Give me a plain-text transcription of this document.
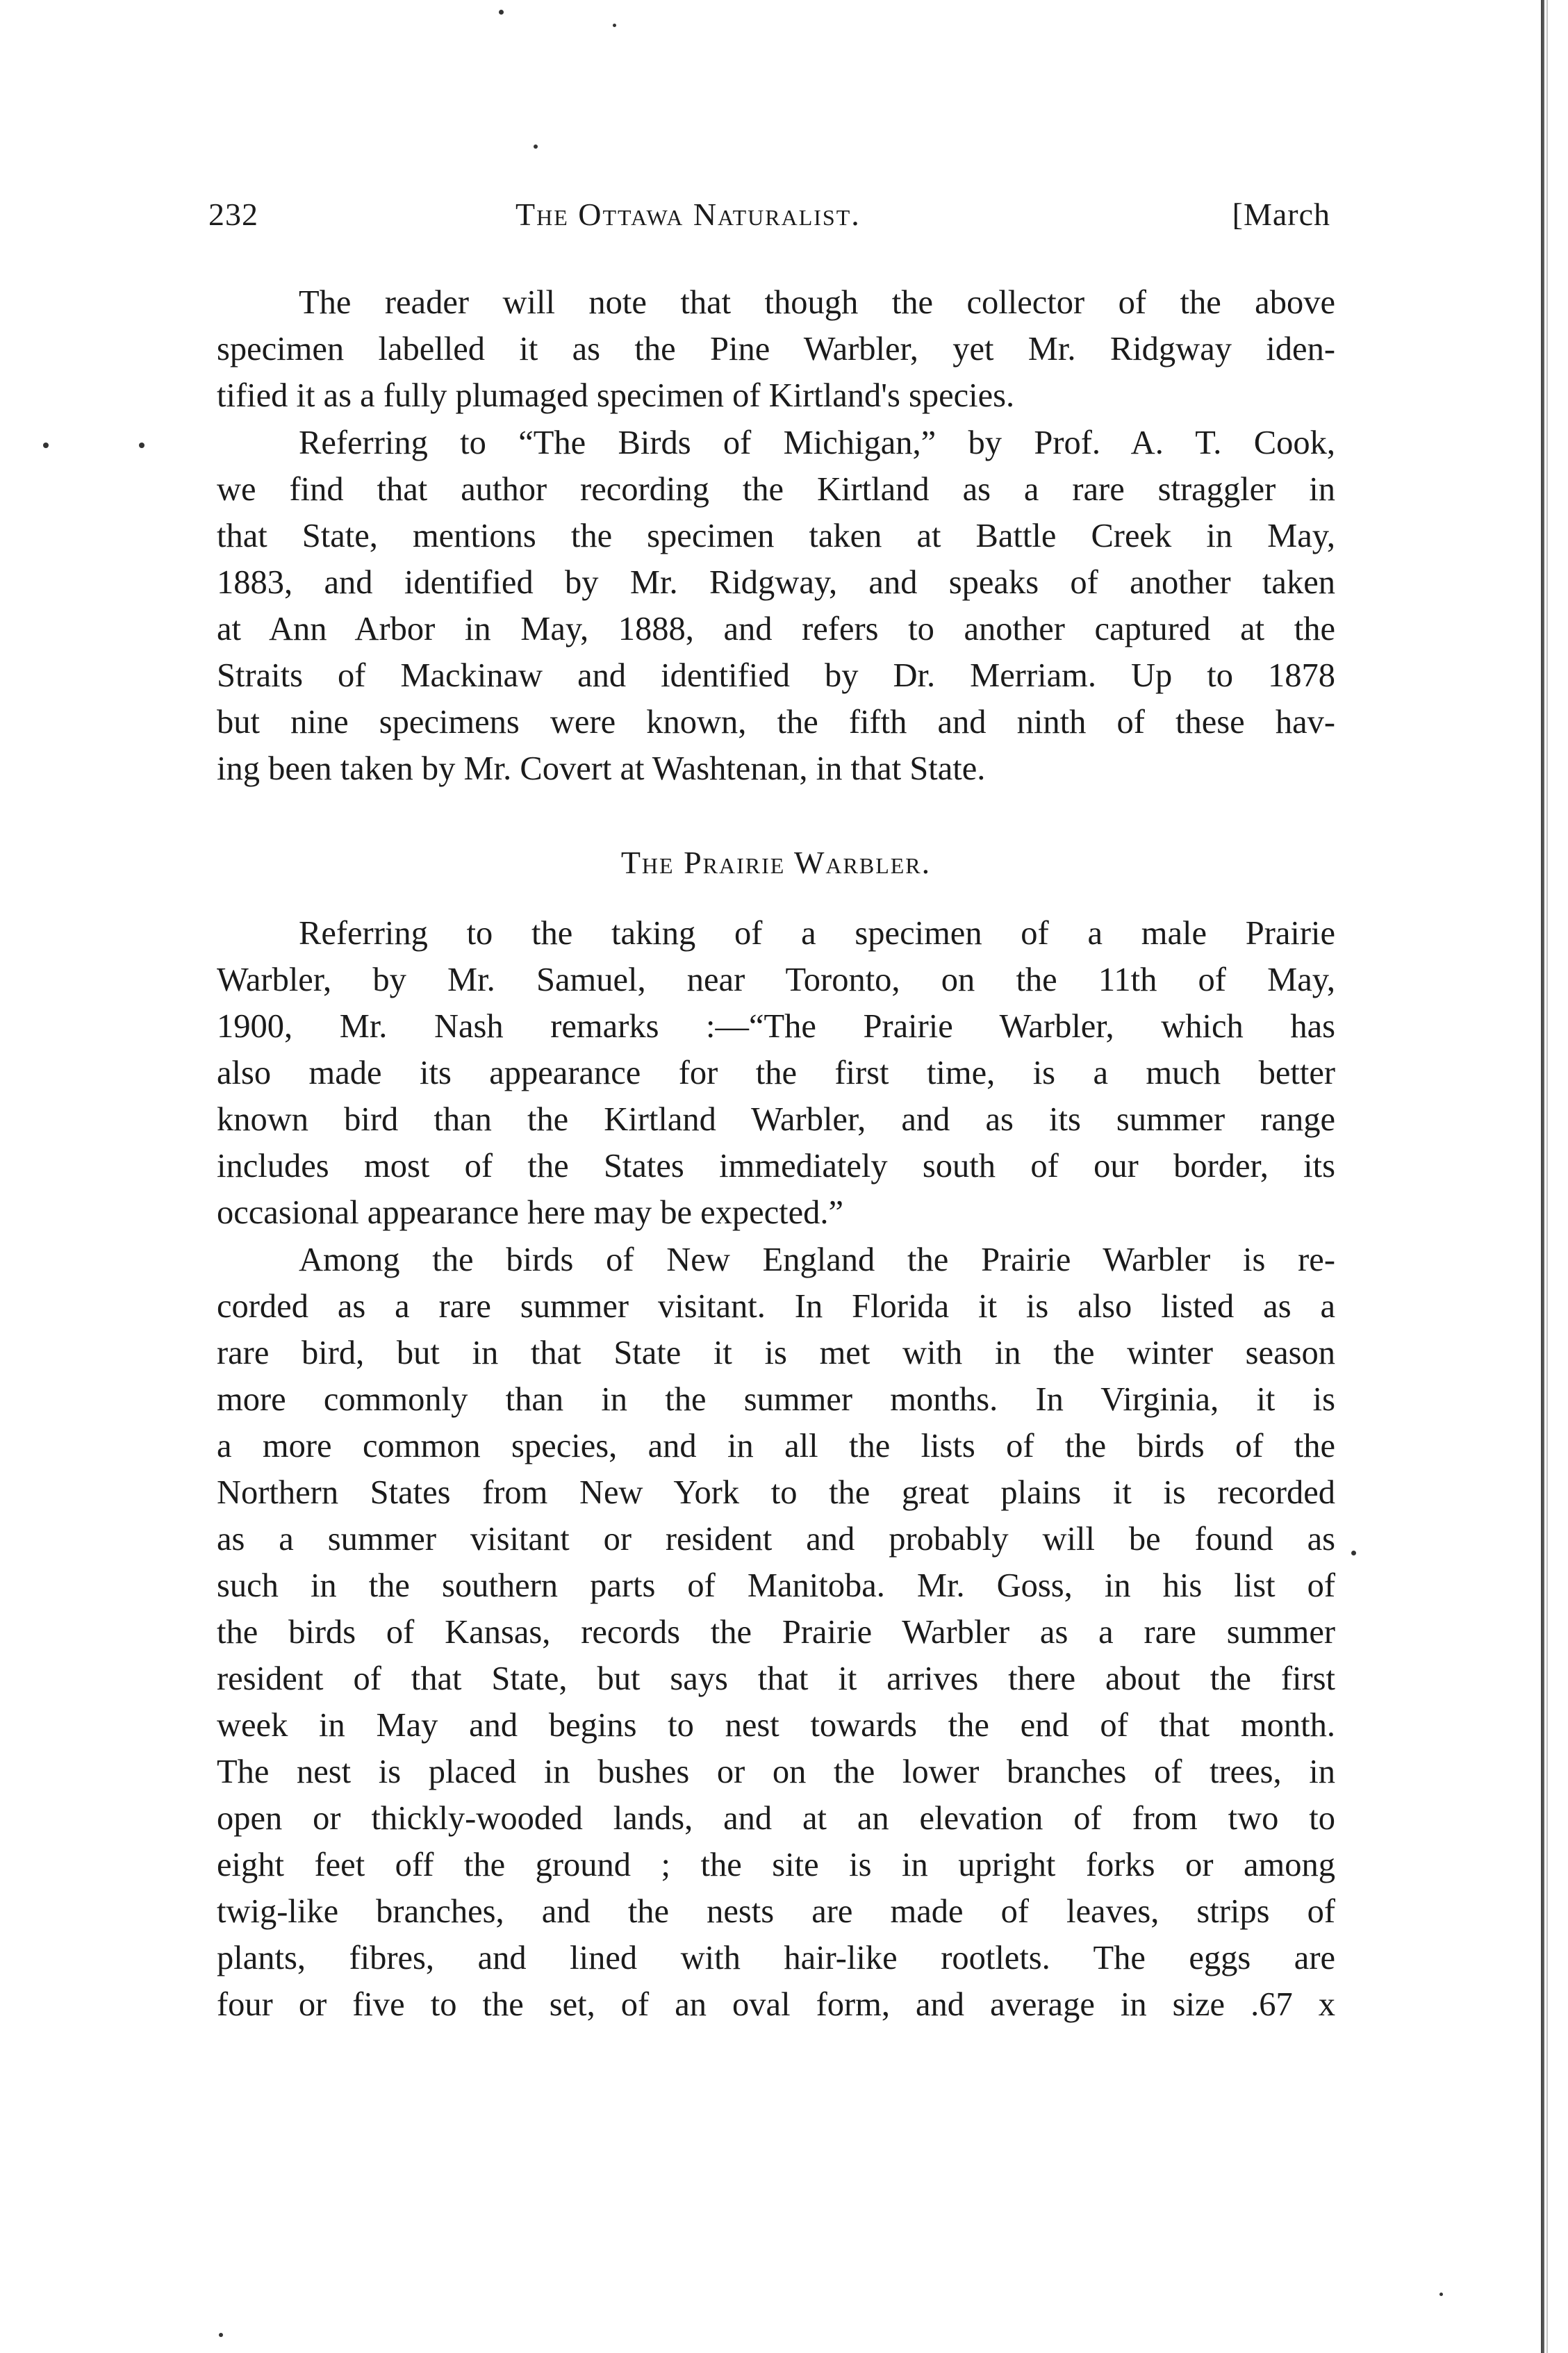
232	The Ottawa Naturalist.	[March
The reader will note that though the collector of the above
specimen labelled it as the Pine Warbler, yet Mr. Ridgway iden-
tified it as a fully plumaged specimen of Kirtland's species.
Referring to “The Birds of Michigan,” by Prof. A. T. Cook,
we find that author recording the Kirtland as a rare straggler in
that State, mentions the specimen taken at Battle Creek in May,
1883, and identified by Mr. Ridgway, and speaks of another taken
at Ann Arbor in May, 1888, and refers to another captured at the
Straits of Mackinaw and identified by Dr. Merriam. Up to 1878
but nine specimens were known, the fifth and ninth of these hav-
ing been taken by Mr. Covert at Washtenan, in that State.
The Prairie Warbler.
Referring to the taking of a specimen of a male Prairie
Warbler, by Mr. Samuel, near Toronto, on the 11th of May,
1900, Mr. Nash remarks :—“The Prairie Warbler, which has
also made its appearance for the first time, is a much better
known bird than the Kirtland Warbler, and as its summer range
includes most of the States immediately south of our border, its
occasional appearance here may be expected.”
Among the birds of New England the Prairie Warbler is re-
corded as a rare summer visitant. In Florida it is also listed as a
rare bird, but in that State it is met with in the winter season
more commonly than in the summer months. In Virginia, it is
a more common species, and in all the lists of the birds of the
Northern States from New York to the great plains it is recorded
as a summer visitant or resident and probably will be found as
such in the southern parts of Manitoba. Mr. Goss, in his list of
the birds of Kansas, records the Prairie Warbler as a rare summer
resident of that State, but says that it arrives there about the first
week in May and begins to nest towards the end of that month.
The nest is placed in bushes or on the lower branches of trees, in
open or thickly-wooded lands, and at an elevation of from two to
eight feet off the ground ; the site is in upright forks or among
twig-like branches, and the nests are made of leaves, strips of
plants, fibres, and lined with hair-like rootlets. The eggs are
four or five to the set, of an oval form, and average in size .67 x
